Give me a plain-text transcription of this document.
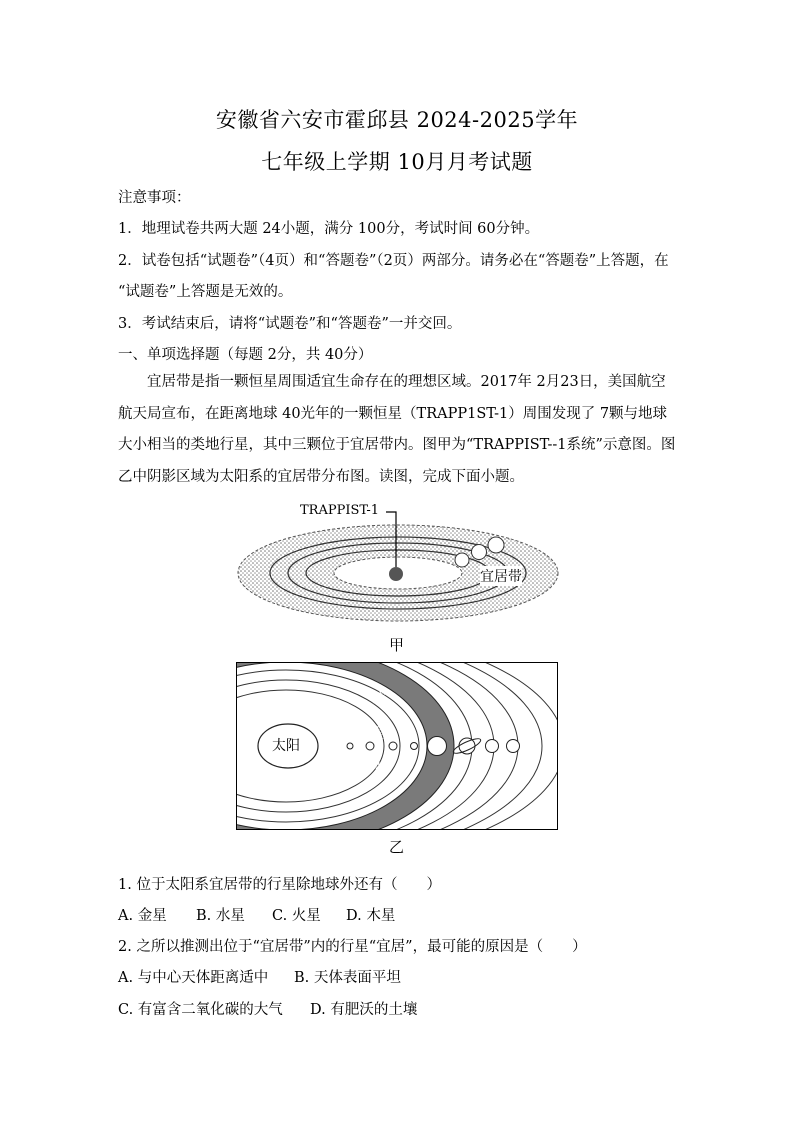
安徽省六安市霍邱县 2024-2025学年
七年级上学期 10月月考试题
注意事项：
1．地理试卷共两大题 24小题，满分 100分，考试时间 60分钟。
2．试卷包括“试题卷”（4页）和“答题卷”（2页）两部分。请务必在“答题卷”上答题，在
“试题卷”上答题是无效的。
3．考试结束后，请将“试题卷”和“答题卷”一并交回。
一、单项选择题（每题 2分，共 40分）
宜居带是指一颗恒星周围适宜生命存在的理想区域。2017年 2月23日，美国航空航天局宣布，在距离地球 40光年的一颗恒星（TRAPP1ST-1）周围发现了 7颗与地球大小相当的类地行星，其中三颗位于宜居带内。图甲为“TRAPPIST--1系统”示意图。图乙中阴影区域为太阳系的宜居带分布图。读图，完成下面小题。
TRAPPIST-1
宜居带
甲
太阳
宜
居
带
乙
1. 位于太阳系宜居带的行星除地球外还有（　　）
A. 金星 B. 水星 C. 火星 D. 木星
2. 之所以推测出位于“宜居带”内的行星“宜居”，最可能的原因是（　　）
A. 与中心天体距离适中 B. 天体表面平坦
C. 有富含二氧化碳的大气 D. 有肥沃的土壤
